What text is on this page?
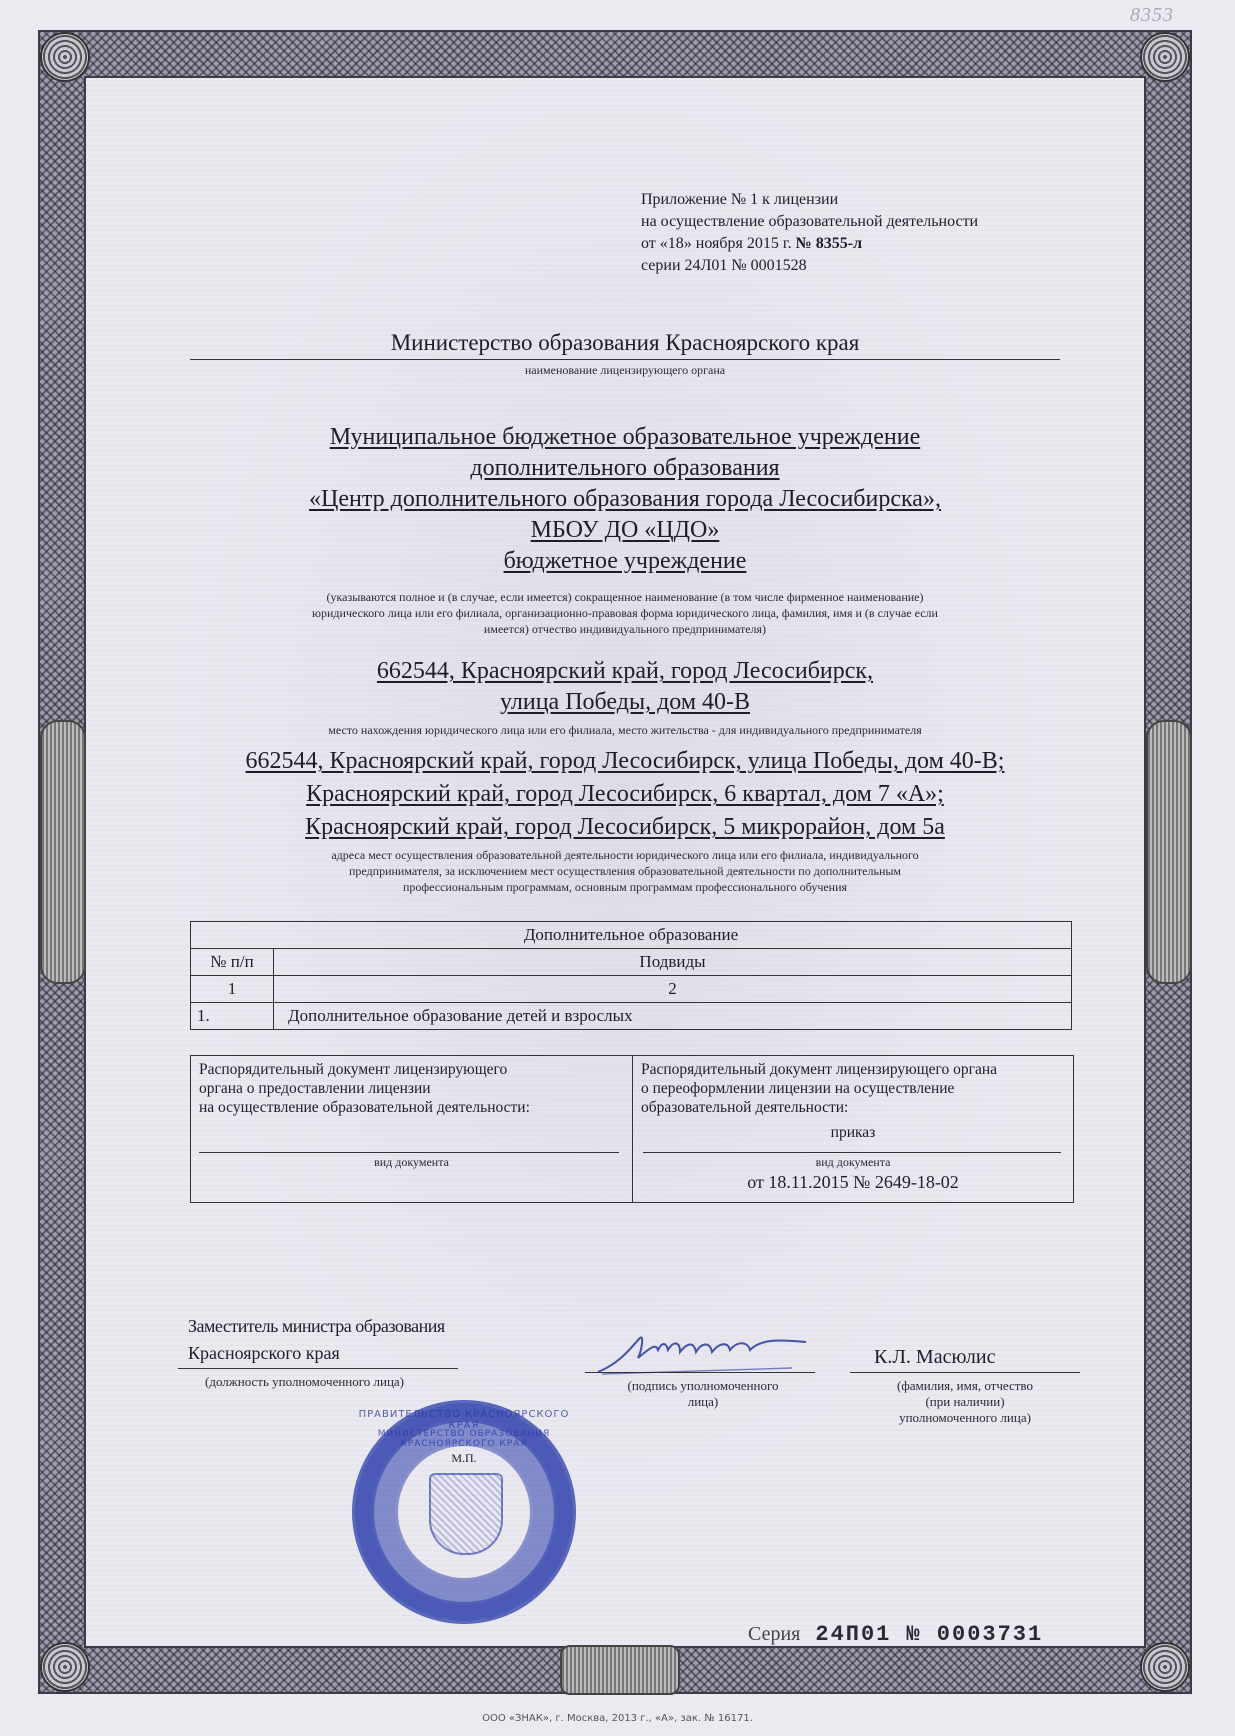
8353
Приложение № 1 к лицензии
на осуществление образовательной деятельности
от «18» ноября 2015 г. № 8355-л
серии 24Л01 № 0001528
Министерство образования Красноярского края
наименование лицензирующего органа
Муниципальное бюджетное образовательное учреждение
дополнительного образования
«Центр дополнительного образования города Лесосибирска»,
МБОУ ДО «ЦДО»
бюджетное учреждение
(указываются полное и (в случае, если имеется) сокращенное наименование (в том числе фирменное наименование)
юридического лица или его филиала, организационно-правовая форма юридического лица, фамилия, имя и (в случае если
имеется) отчество индивидуального предпринимателя)
662544, Красноярский край, город Лесосибирск,
улица Победы, дом 40-В
место нахождения юридического лица или его филиала, место жительства - для индивидуального предпринимателя
662544, Красноярский край, город Лесосибирск, улица Победы, дом 40-В;
Красноярский край, город Лесосибирск, 6 квартал, дом 7 «А»;
Красноярский край, город Лесосибирск, 5 микрорайон, дом 5а
адреса мест осуществления образовательной деятельности юридического лица или его филиала, индивидуального
предпринимателя, за исключением мест осуществления образовательной деятельности по дополнительным
профессиональным программам, основным программам профессионального обучения
Дополнительное образование	
№ п/п	Подвиды
1	2
1.	Дополнительное образование детей и взрослых
Распорядительный документ лицензирующего
органа о предоставлении лицензии
на осуществление образовательной деятельности:
вид документа
Распорядительный документ лицензирующего органа
о переоформлении лицензии на осуществление
образовательной деятельности:
приказ
вид документа
от 18.11.2015 № 2649-18-02
Заместитель министра образования
Красноярского края
(должность уполномоченного лица)	(подпись уполномоченного
лица)
К.Л. Масюлис
(фамилия, имя, отчество
(при наличии)
уполномоченного лица)
ПРАВИТЕЛЬСТВО КРАСНОЯРСКОГО КРАЯ
МИНИСТЕРСТВО ОБРАЗОВАНИЯ КРАСНОЯРСКОГО КРАЯ
М.П.
Серия 24П01 № 0003731
ООО «ЗНАК», г. Москва, 2013 г., «А», зак. № 16171.
